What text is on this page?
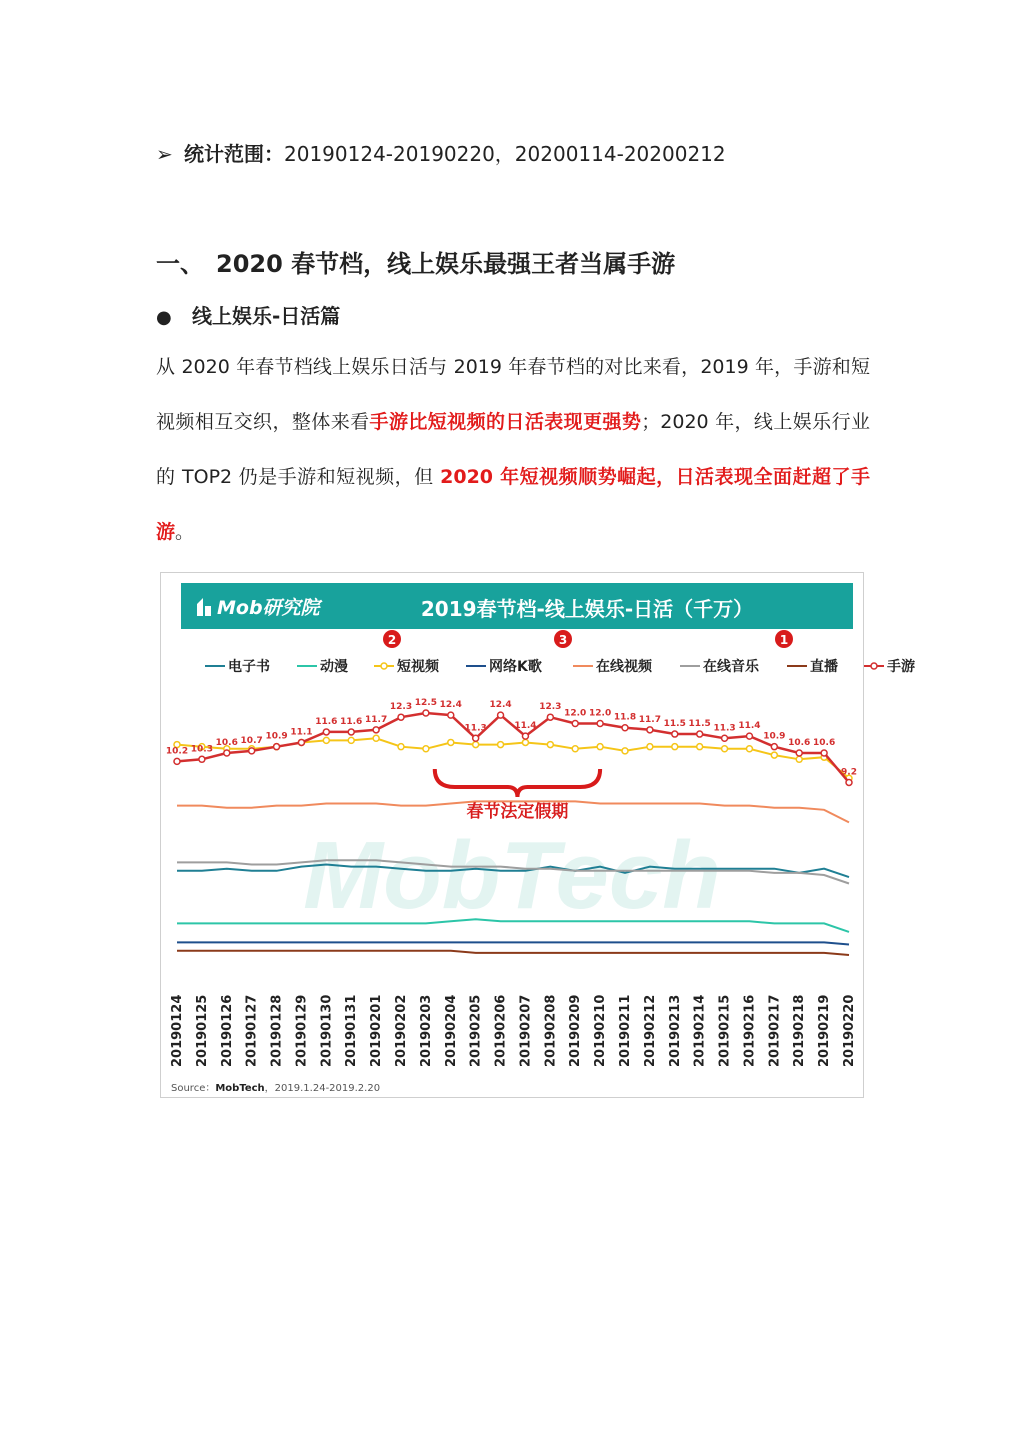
➢ 统计范围：20190124-20190220，20200114-20200212
一、 2020 春节档，线上娱乐最强王者当属手游
● 线上娱乐-日活篇
从 2020 年春节档线上娱乐日活与 2019 年春节档的对比来看，2019 年，手游和短视频相互交织，整体来看手游比短视频的日活表现更强势；2020 年，线上娱乐行业的 TOP2 仍是手游和短视频，但 2020 年短视频顺势崛起，日活表现全面赶超了手游。
Mob研究院	2019春节档-线上娱乐-日活（千万）
MobTech
电子书	动漫	短视频	网络K歌	在线视频	在线音乐	直播	手游
2	3	1
10.2 10.3
10.6 10.7 10.9 11.1
11.6 11.6 11.7
12.3 12.5 12.4
11.3
12.4
11.4
12.3
12.0 12.0 11.8 11.7 11.5 11.5 11.3 11.4
10.9
10.6 10.6
9.2
春节法定假期
20190124 20190125 20190126 20190127 20190128 20190129 20190130 20190131 20190201 20190202 20190203 20190204 20190205 20190206 20190207 20190208 20190209 20190210 20190211 20190212 20190213 20190214 20190215 20190216 20190217 20190218 20190219 20190220
Source：MobTech，2019.1.24-2019.2.20
